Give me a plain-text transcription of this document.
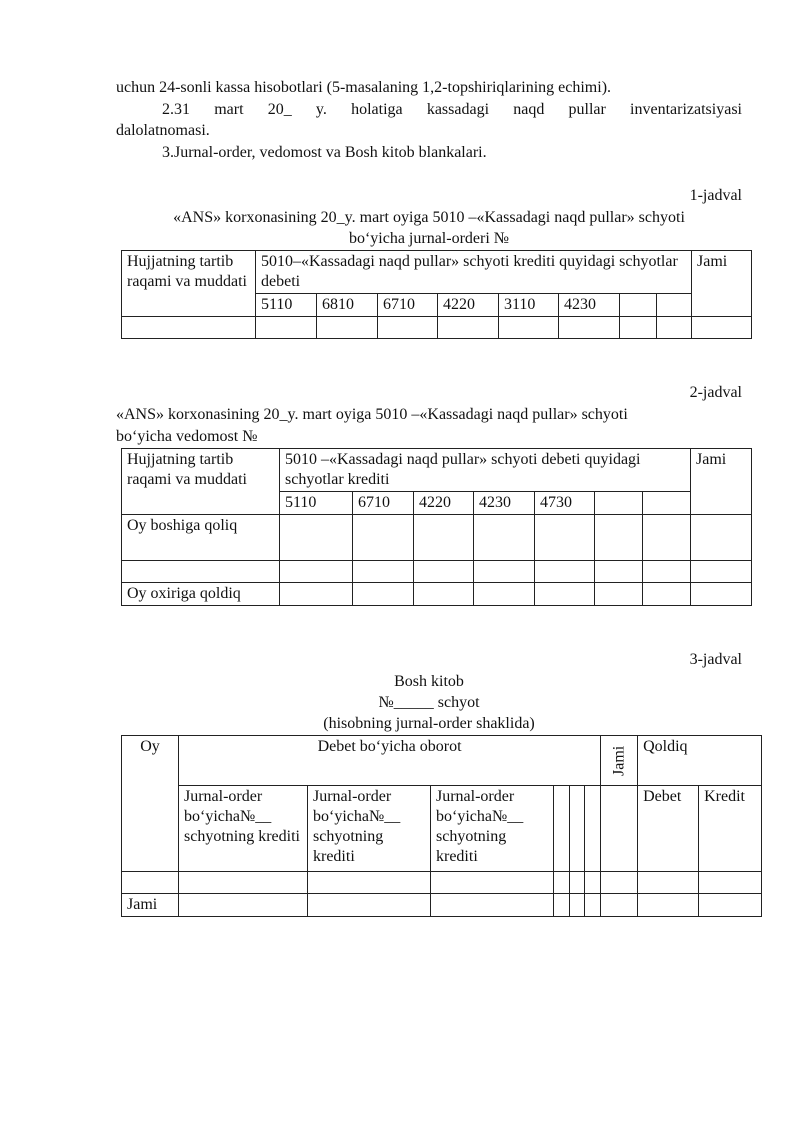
uchun 24-sonli kassa hisobotlari (5-masalaning 1,2-topshiriqlarining echimi).
2.31 mart 20_ y. holatiga kassadagi naqd pullar inventarizatsiyasi
dalolatnomasi.
3.Jurnal-order, vedomost va Bosh kitob blankalari.
1-jadval
«ANS» korxonasining 20_y. mart oyiga 5010 –«Kassadagi naqd pullar» schyoti
bo‘yicha jurnal-orderi №
Hujjatning tartib raqami va muddati	5010–«Kassadagi naqd pullar» schyoti krediti quyidagi schyotlar debeti								Jami
	5110	6810	6710	4220	3110	4230			

2-jadval
«ANS» korxonasining 20_y. mart oyiga 5010 –«Kassadagi naqd pullar» schyoti
bo‘yicha vedomost №
Hujjatning tartib raqami va muddati	5010 –«Kassadagi naqd pullar» schyoti debeti quyidagi schyotlar krediti							Jami
	5110	6710	4220	4230	4730			
Oy boshiga qoliq								

Oy oxiriga qoldiq								
3-jadval
Bosh kitob
№_____ schyot
(hisobning jurnal-order shaklida)
Oy	Debet bo‘yicha oborot						Jami	Qoldiq	
	Jurnal-order bo‘yicha№__ schyotning krediti	Jurnal-order bo‘yicha№__ schyotning krediti	Jurnal-order bo‘yicha№__ schyotning krediti					Debet	Kredit

Jami									
